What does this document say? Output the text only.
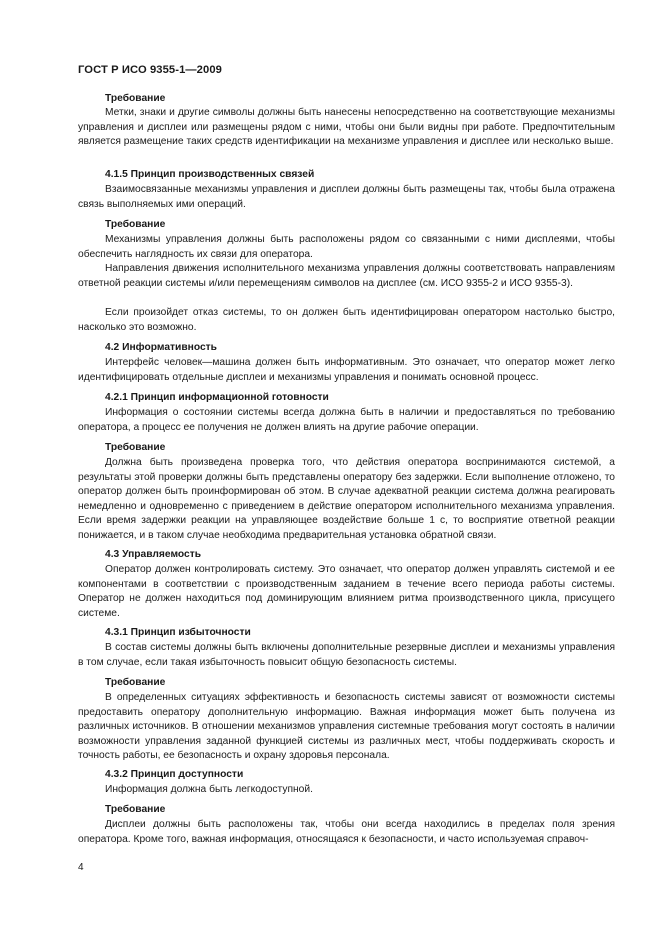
ГОСТ Р ИСО 9355-1—2009
Требование
Метки, знаки и другие символы должны быть нанесены непосредственно на соответствующие механизмы управления и дисплеи или размещены рядом с ними, чтобы они были видны при работе. Предпочтительным является размещение таких средств идентификации на механизме управления и дисплее или несколько выше.
4.1.5 Принцип производственных связей
Взаимосвязанные механизмы управления и дисплеи должны быть размещены так, чтобы была отражена связь выполняемых ими операций.
Требование
Механизмы управления должны быть расположены рядом со связанными с ними дисплеями, чтобы обеспечить наглядность их связи для оператора.
Направления движения исполнительного механизма управления должны соответствовать направлениям ответной реакции системы и/или перемещениям символов на дисплее (см. ИСО 9355-2 и ИСО 9355-3).
Если произойдет отказ системы, то он должен быть идентифицирован оператором настолько быстро, насколько это возможно.
4.2 Информативность
Интерфейс человек—машина должен быть информативным. Это означает, что оператор может легко идентифицировать отдельные дисплеи и механизмы управления и понимать основной процесс.
4.2.1 Принцип информационной готовности
Информация о состоянии системы всегда должна быть в наличии и предоставляться по требованию оператора, а процесс ее получения не должен влиять на другие рабочие операции.
Требование
Должна быть произведена проверка того, что действия оператора воспринимаются системой, а результаты этой проверки должны быть представлены оператору без задержки. Если выполнение отложено, то оператор должен быть проинформирован об этом. В случае адекватной реакции система должна реагировать немедленно и одновременно с приведением в действие оператором исполнительного механизма управления. Если время задержки реакции на управляющее воздействие больше 1 с, то восприятие ответной реакции понижается, и в таком случае необходима предварительная установка обратной связи.
4.3 Управляемость
Оператор должен контролировать систему. Это означает, что оператор должен управлять системой и ее компонентами в соответствии с производственным заданием в течение всего периода работы системы. Оператор не должен находиться под доминирующим влиянием ритма производственного цикла, присущего системе.
4.3.1 Принцип избыточности
В состав системы должны быть включены дополнительные резервные дисплеи и механизмы управления в том случае, если такая избыточность повысит общую безопасность системы.
Требование
В определенных ситуациях эффективность и безопасность системы зависят от возможности системы предоставить оператору дополнительную информацию. Важная информация может быть получена из различных источников. В отношении механизмов управления системные требования могут состоять в наличии возможности управления заданной функцией системы из различных мест, чтобы поддерживать скорость и точность работы, ее безопасность и охрану здоровья персонала.
4.3.2 Принцип доступности
Информация должна быть легкодоступной.
Требование
Дисплеи должны быть расположены так, чтобы они всегда находились в пределах поля зрения оператора. Кроме того, важная информация, относящаяся к безопасности, и часто используемая справоч-
4
